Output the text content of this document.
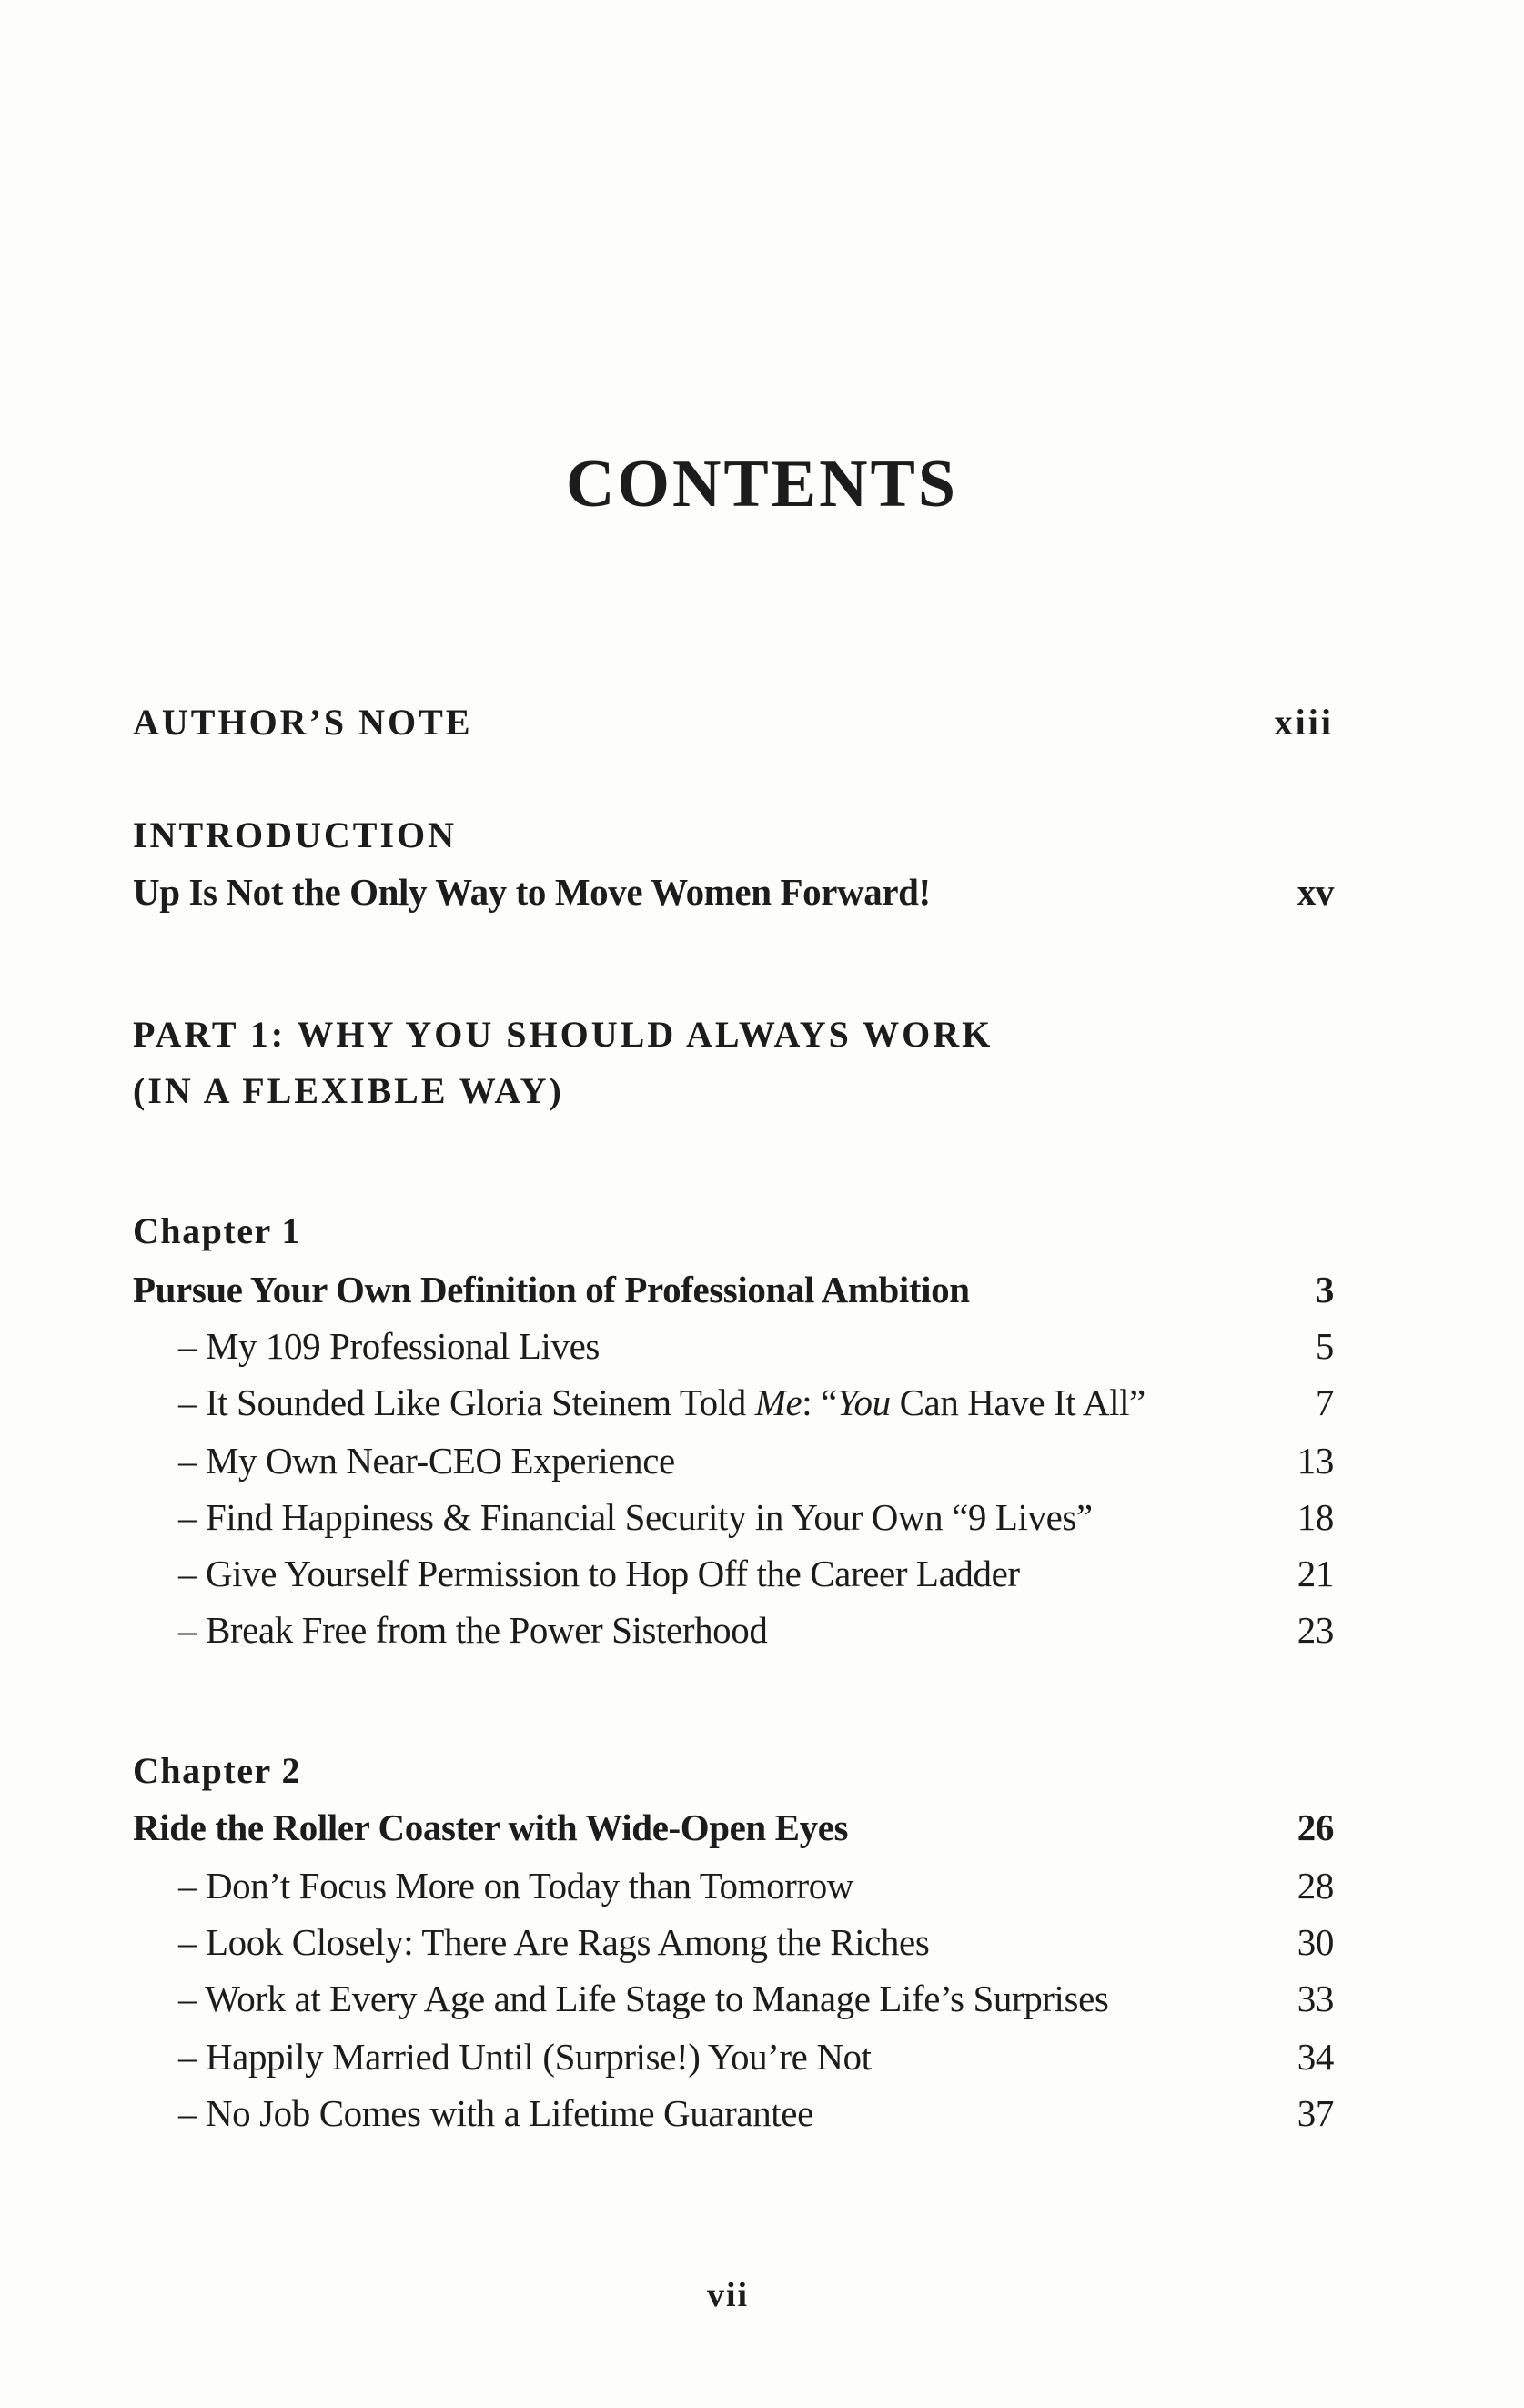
CONTENTS
AUTHOR’S NOTE	xiii
INTRODUCTION
Up Is Not the Only Way to Move Women Forward!	xv
PART 1: WHY YOU SHOULD ALWAYS WORK
(IN A FLEXIBLE WAY)
Chapter 1
Pursue Your Own Definition of Professional Ambition	3
– My 109 Professional Lives	5
– It Sounded Like Gloria Steinem Told Me: “You Can Have It All”	7
– My Own Near-CEO Experience	13
– Find Happiness & Financial Security in Your Own “9 Lives”	18
– Give Yourself Permission to Hop Off the Career Ladder	21
– Break Free from the Power Sisterhood	23
Chapter 2
Ride the Roller Coaster with Wide-Open Eyes	26
– Don’t Focus More on Today than Tomorrow	28
– Look Closely: There Are Rags Among the Riches	30
– Work at Every Age and Life Stage to Manage Life’s Surprises	33
– Happily Married Until (Surprise!) You’re Not	34
– No Job Comes with a Lifetime Guarantee	37
vii
